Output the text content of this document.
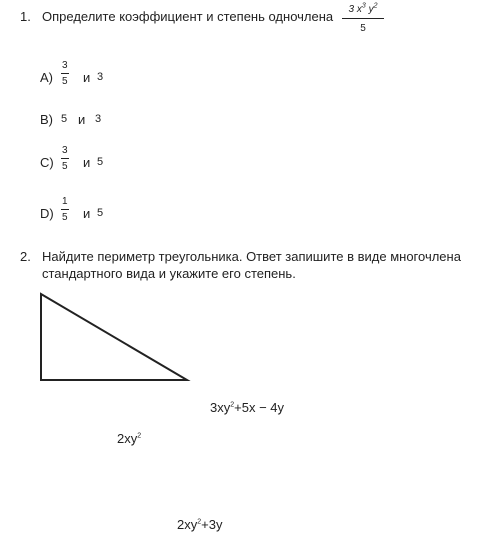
1. Определите коэффициент и степень одночлена	3 $x^3$ $y^2$
5
A)
3
5 и 3
B) 5 и 3
C)
3
5 и 5
D)
1
5 и 5
2. Найдите периметр треугольника. Ответ запишите в виде многочлена
стандартного вида и укажите его степень.
$3xy^2+5x - 4y$
$2xy^2$
$2xy^2+3y$
